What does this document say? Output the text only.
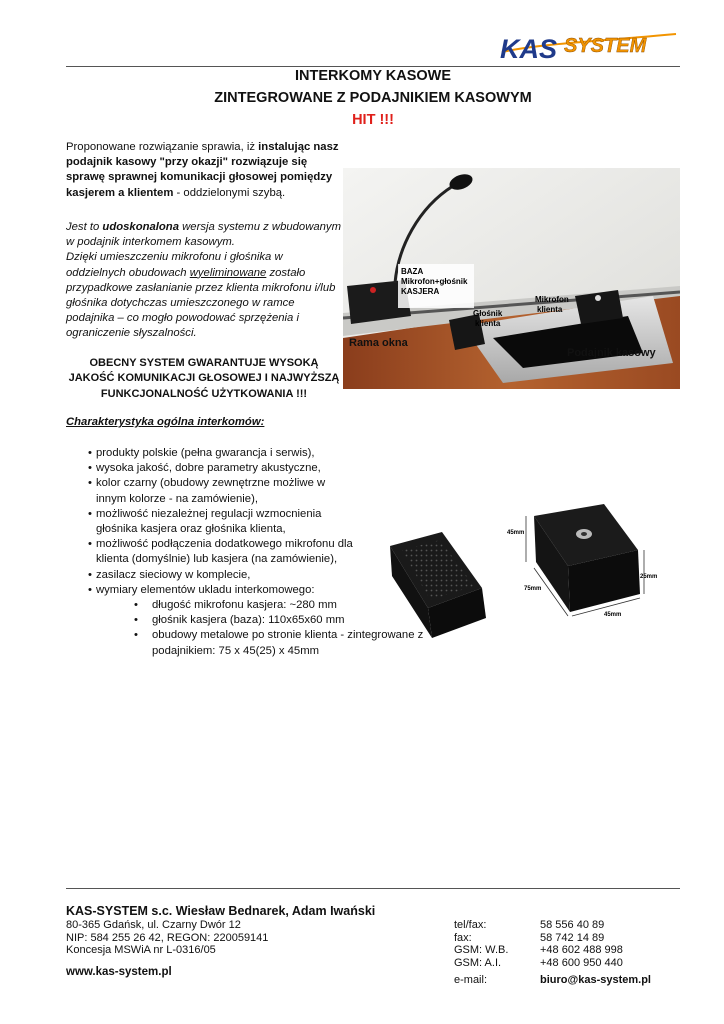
KAS SYSTEM
INTERKOMY KASOWE
ZINTEGROWANE Z PODAJNIKIEM KASOWYM
HIT !!!
Proponowane rozwiązanie sprawia, iż instalując nasz podajnik kasowy "przy okazji" rozwiązuje się sprawę sprawnej komunikacji głosowej pomiędzy kasjerem a klientem - oddzielonymi szybą.
Jest to udoskonalona wersja systemu z wbudowanym w podajnik interkomem kasowym.
Dzięki umieszczeniu mikrofonu i głośnika w oddzielnych obudowach wyeliminowane zostało przypadkowe zasłanianie przez klienta mikrofonu i/lub głośnika dotychczas umieszczonego w ramce podajnika – co mogło powodować sprzężenia i ograniczenie słyszalności.
OBECNY SYSTEM GWARANTUJE WYSOKĄ JAKOŚĆ KOMUNIKACJI GŁOSOWEJ I NAJWYŻSZĄ FUNKCJONALNOŚĆ UŻYTKOWANIA !!!
Charakterystyka ogólna interkomów:
• produkty polskie (pełna gwarancja i serwis),
• wysoka jakość, dobre parametry akustyczne,
• kolor czarny (obudowy zewnętrzne możliwe w innym kolorze - na zamówienie),
• możliwość niezależnej regulacji wzmocnienia głośnika kasjera oraz głośnika klienta,
• możliwość podłączenia dodatkowego mikrofonu dla klienta (domyślnie) lub kasjera (na zamówienie),
• zasilacz sieciowy w komplecie,
• wymiary elementów ukladu interkomowego:
• długość mikrofonu kasjera: ~280 mm
• głośnik kasjera (baza): 110x65x60 mm
• obudowy metalowe po stronie klienta - zintegrowane z podajnikiem: 75 x 45(25) x 45mm
BAZA
Mikrofon+głośnik
KASJERA
Mikrofon
klienta
Głośnik
klienta
Rama okna
Podajnik kasowy
45mm
25mm
75mm
45mm
KAS-SYSTEM s.c. Wiesław Bednarek, Adam Iwański
80-365 Gdańsk, ul. Czarny Dwór 12
NIP: 584 255 26 42, REGON: 220059141
Koncesja MSWiA nr L-0316/05
www.kas-system.pl
tel/fax:	58 556 40 89
fax:	58 742 14 89
GSM: W.B.	+48 602 488 998
GSM: A.I.	+48 600 950 440
e-mail:	biuro@kas-system.pl
